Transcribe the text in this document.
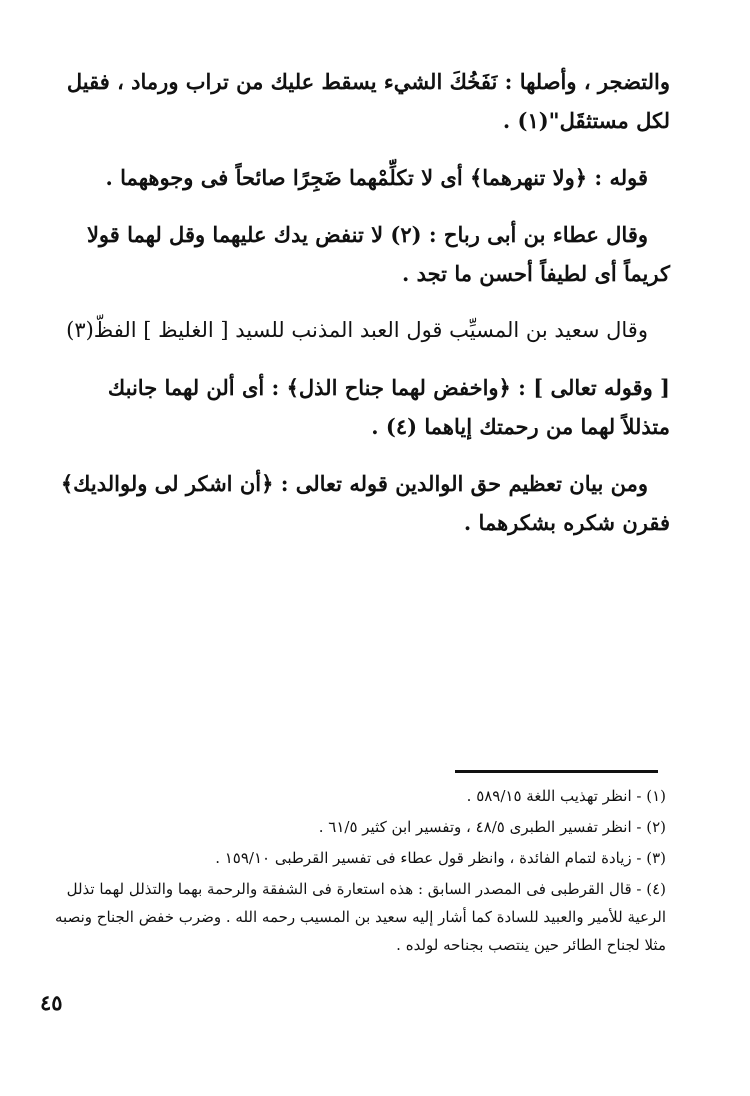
والتضجر ، وأصلها : نَفَخُكَ الشيء يسقط عليك من تراب ورماد ، فقيل لكل مستثقَل"(١) .

قوله : ﴿ولا تنهرهما﴾ أى لا تكلِّمْهما ضَجِرًا صائحاً فى وجوههما .

وقال عطاء بن أبى رباح : (٢) لا تنفض يدك عليهما وقل لهما قولا كريماً أى لطيفاً أحسن ما تجد .

وقال سعيد بن المسيِّب قول العبد المذنب للسيد [ الغليظ ] الفظّ(٣)

[ وقوله تعالى ] : ﴿واخفض لهما جناح الذل﴾ : أى ألن لهما جانبك متذللاً لهما من رحمتك إياهما (٤) .

ومن بيان تعظيم حق الوالدين قوله تعالى : ﴿أن اشكر لى ولوالديك﴾ فقرن شكره بشكرهما .

(١) - انظر تهذيب اللغة ٥٨٩/١٥ .

(٢) - انظر تفسير الطبرى ٤٨/٥ ، وتفسير ابن كثير ٦١/٥ .

(٣) - زيادة لتمام الفائدة ، وانظر قول عطاء فى تفسير القرطبى ١٥٩/١٠ .

(٤) - قال القرطبى فى المصدر السابق : هذه استعارة فى الشفقة والرحمة بهما والتذلل لهما تذلل الرعية للأمير والعبيد للسادة كما أشار إليه سعيد بن المسيب رحمه الله . وضرب خفض الجناح ونصبه مثلا لجناح الطائر حين ينتصب بجناحه لولده .

٤٥
